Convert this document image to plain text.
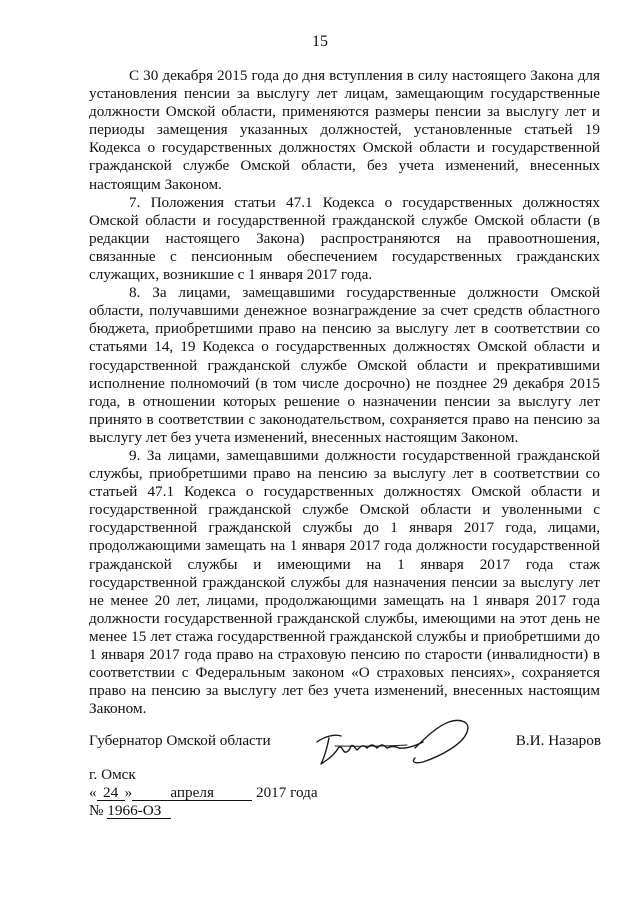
15

С 30 декабря 2015 года до дня вступления в силу настоящего Закона для установления пенсии за выслугу лет лицам, замещающим государственные должности Омской области, применяются размеры пенсии за выслугу лет и периоды замещения указанных должностей, установленные статьей 19 Кодекса о государственных должностях Омской области и государственной гражданской службе Омской области, без учета изменений, внесенных настоящим Законом.

7. Положения статьи 47.1 Кодекса о государственных должностях Омской области и государственной гражданской службе Омской области (в редакции настоящего Закона) распространяются на правоотношения, связанные с пенсионным обеспечением государственных гражданских служащих, возникшие с 1 января 2017 года.

8. За лицами, замещавшими государственные должности Омской области, получавшими денежное вознаграждение за счет средств областного бюджета, приобретшими право на пенсию за выслугу лет в соответствии со статьями 14, 19 Кодекса о государственных должностях Омской области и государственной гражданской службе Омской области и прекратившими исполнение полномочий (в том числе досрочно) не позднее 29 декабря 2015 года, в отношении которых решение о назначении пенсии за выслугу лет принято в соответствии с законодательством, сохраняется право на пенсию за выслугу лет без учета изменений, внесенных настоящим Законом.

9. За лицами, замещавшими должности государственной гражданской службы, приобретшими право на пенсию за выслугу лет в соответствии со статьей 47.1 Кодекса о государственных должностях Омской области и государственной гражданской службе Омской области и уволенными с государственной гражданской службы до 1 января 2017 года, лицами, продолжающими замещать на 1 января 2017 года должности государственной гражданской службы и имеющими на 1 января 2017 года стаж государственной гражданской службы для назначения пенсии за выслугу лет не менее 20 лет, лицами, продолжающими замещать на 1 января 2017 года должности государственной гражданской службы, имеющими на этот день не менее 15 лет стажа государственной гражданской службы и приобретшими до 1 января 2017 года право на страховую пенсию по старости (инвалидности) в соответствии с Федеральным законом «О страховых пенсиях», сохраняется право на пенсию за выслугу лет без учета изменений, внесенных настоящим Законом.

Губернатор Омской области	В.И. Назаров
г. Омск
« 24 »	апреля	2017 года
№ 1966-ОЗ
